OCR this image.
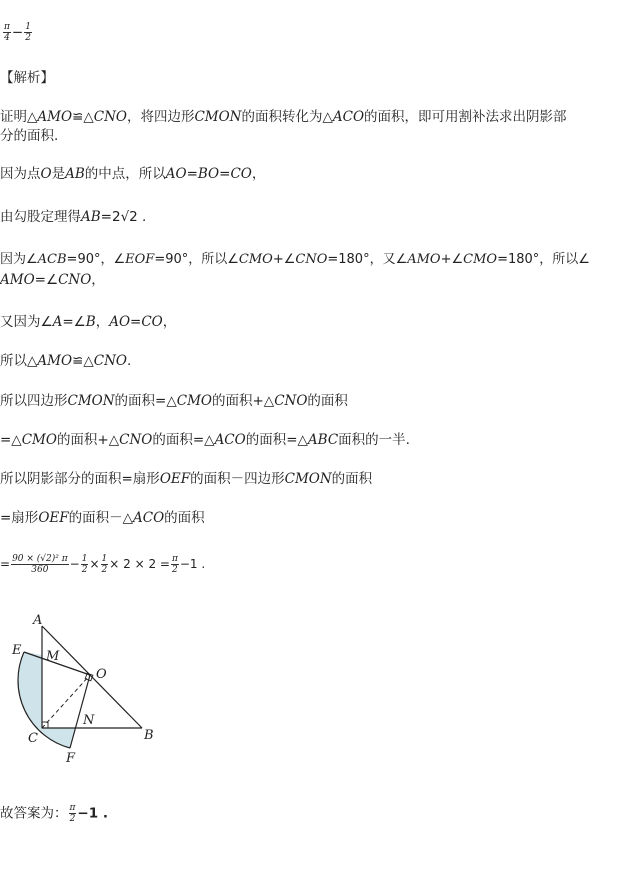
$\frac{\pi}{4} - \frac{1}{2}$
【解析】
证明△AMO≌△CNO，将四边形CMON的面积转化为△ACO的面积，即可用割补法求出阴影部
分的面积.
因为点O是AB的中点，所以AO=BO=CO，
由勾股定理得AB=2√2 .
因为∠ACB=90°，∠EOF=90°，所以∠CMO+∠CNO=180°，又∠AMO+∠CMO=180°，所以∠
AMO=∠CNO，
又因为∠A=∠B，AO=CO，
所以△AMO≌△CNO.
所以四边形CMON的面积=△CMO的面积+△CNO的面积
=△CMO的面积+△CNO的面积=△ACO的面积=△ABC面积的一半.
所以阴影部分的面积=扇形OEF的面积－四边形CMON的面积
=扇形OEF的面积－△ACO的面积
= $\frac{\text{90 × (√2)² π}}{360} - \frac{1}{2} \times \frac{1}{2} \times 2 \times 2 = \frac{\pi}{2} -1$ .
A
E M
O
N
C	B
F
故答案为： $\frac{\pi}{2} -1$ .
